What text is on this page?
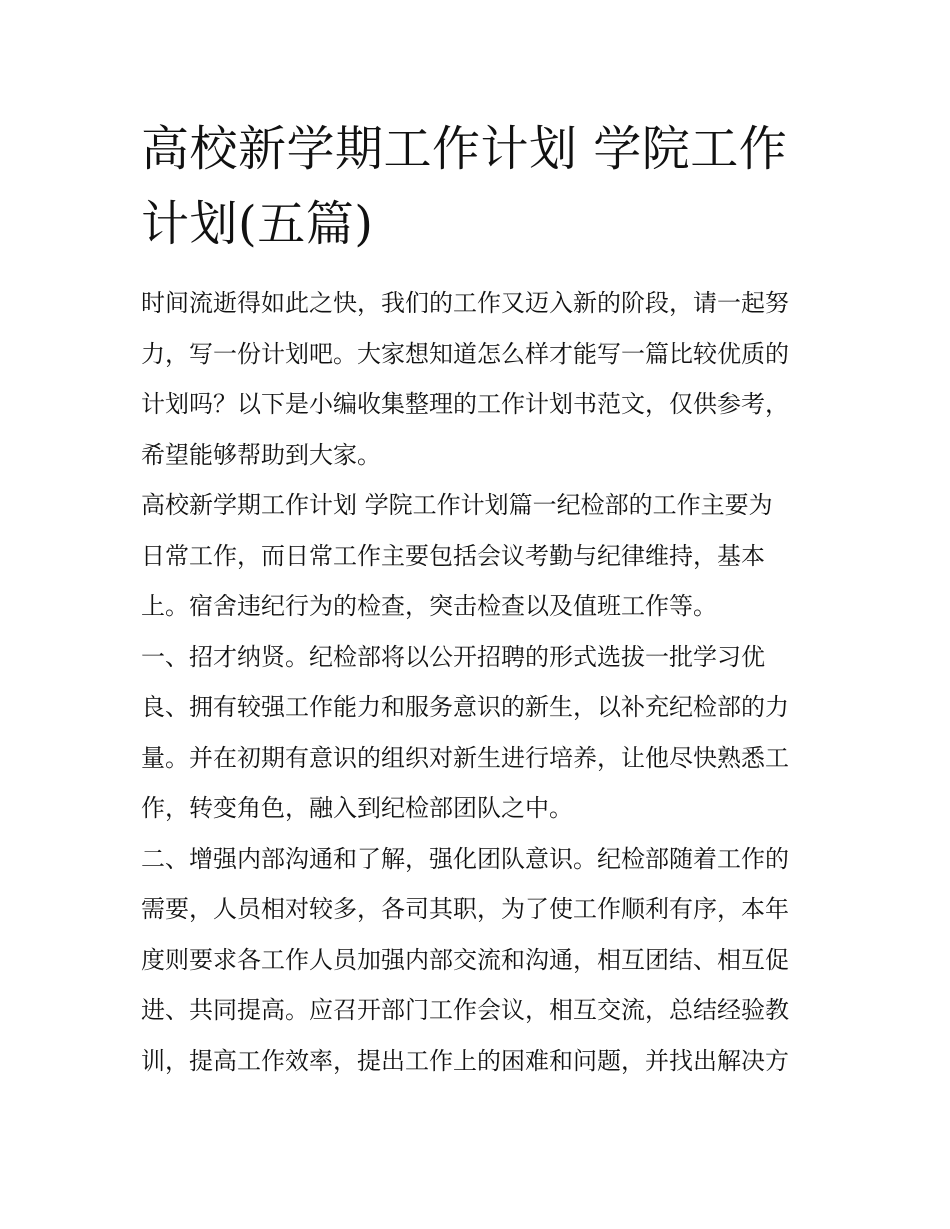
高校新学期工作计划 学院工作
计划(五篇)

时间流逝得如此之快，我们的工作又迈入新的阶段，请一起努
力，写一份计划吧。大家想知道怎么样才能写一篇比较优质的
计划吗？以下是小编收集整理的工作计划书范文，仅供参考，
希望能够帮助到大家。

高校新学期工作计划 学院工作计划篇一纪检部的工作主要为
日常工作，而日常工作主要包括会议考勤与纪律维持，基本
上。宿舍违纪行为的检查，突击检查以及值班工作等。

一、招才纳贤。纪检部将以公开招聘的形式选拔一批学习优
良、拥有较强工作能力和服务意识的新生，以补充纪检部的力
量。并在初期有意识的组织对新生进行培养，让他尽快熟悉工
作，转变角色，融入到纪检部团队之中。

二、增强内部沟通和了解，强化团队意识。纪检部随着工作的
需要，人员相对较多，各司其职，为了使工作顺利有序，本年
度则要求各工作人员加强内部交流和沟通，相互团结、相互促
进、共同提高。应召开部门工作会议，相互交流，总结经验教
训，提高工作效率，提出工作上的困难和问题，并找出解决方
